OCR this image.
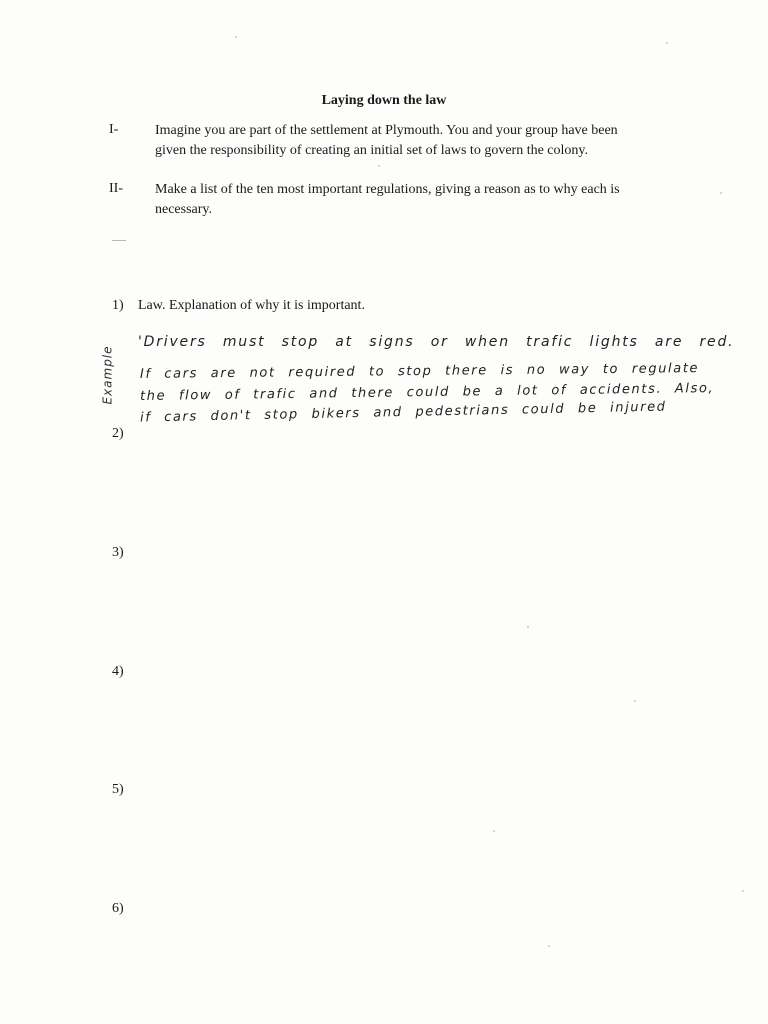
Laying down the law
I-	Imagine you are part of the settlement at Plymouth. You and your group have been
given the responsibility of creating an initial set of laws to govern the colony.
II- Make a list of the ten most important regulations, giving a reason as to why each is
necessary.
1) Law. Explanation of why it is important.
Example
'Drivers must stop at signs or when trafic lights are red.
If cars are not required to stop there is no way to regulate
the flow of trafic and there could be a lot of accidents. Also,
if cars don't stop bikers and pedestrians could be injured
2)
3)
4)
5)
6)
